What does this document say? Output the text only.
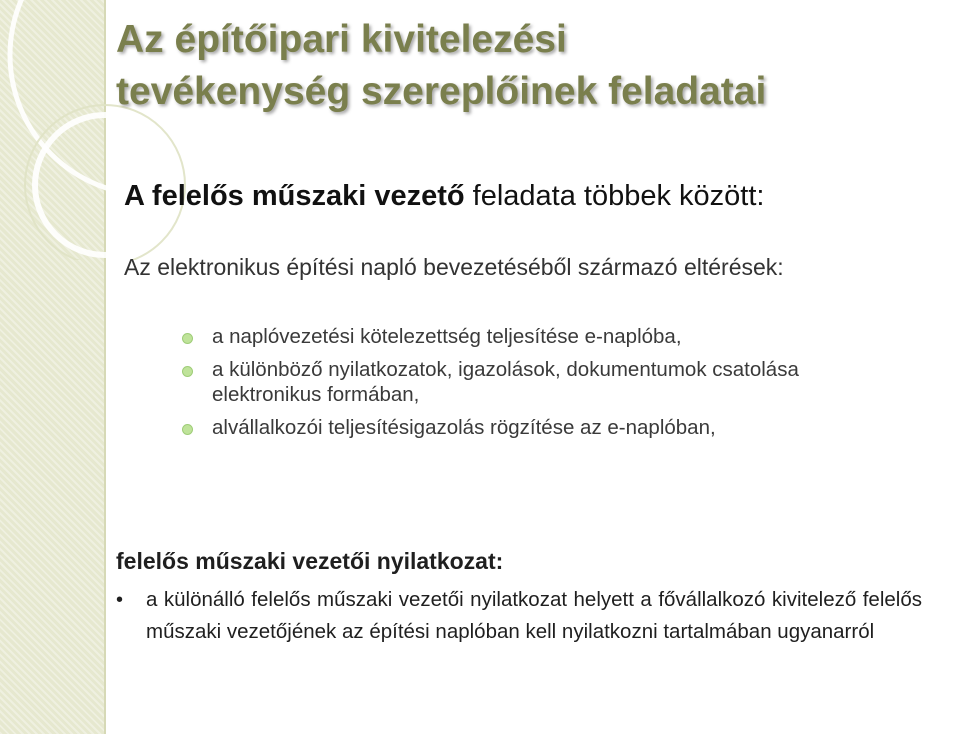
Az építőipari kivitelezési
tevékenység szereplőinek feladatai
A felelős műszaki vezető feladata többek között:
Az elektronikus építési napló bevezetéséből származó eltérések:
a naplóvezetési kötelezettség teljesítése e-naplóba,
a különböző nyilatkozatok, igazolások, dokumentumok csatolása elektronikus formában,
alvállalkozói teljesítésigazolás rögzítése az e-naplóban,
felelős műszaki vezetői nyilatkozat:
• a különálló felelős műszaki vezetői nyilatkozat helyett a fővállalkozó kivitelező felelős műszaki vezetőjének az építési naplóban kell nyilatkozni tartalmában ugyanarról
